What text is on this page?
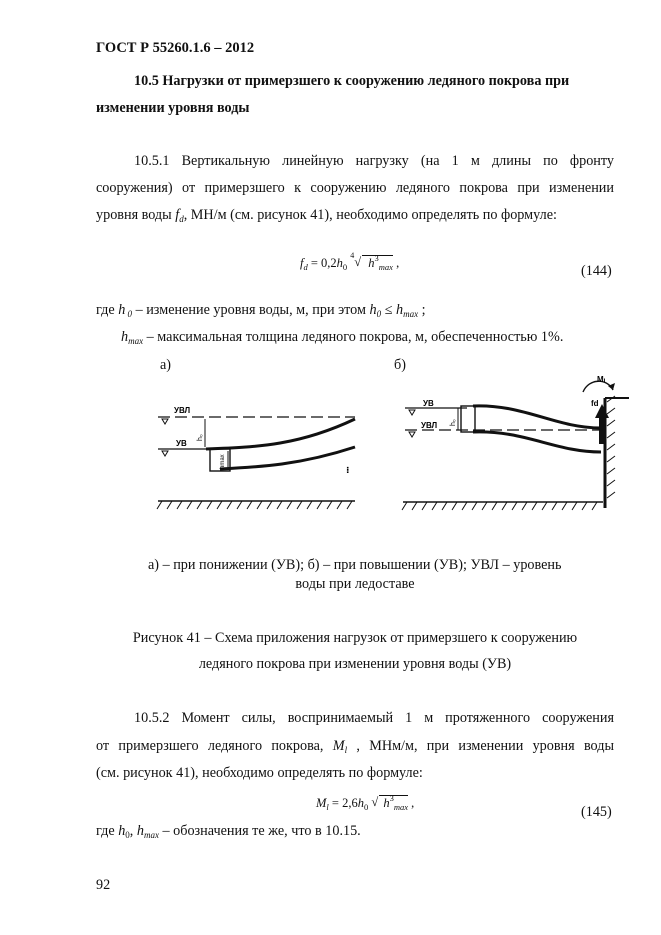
ГОСТ Р 55260.1.6 – 2012
10.5 Нагрузки от примерзшего к сооружению ледяного покрова при
изменении уровня воды
10.5.1 Вертикальную линейную нагрузку (на 1 м длины по фронту
сооружения) от примерзшего к сооружению ледяного покрова при изменении
уровня воды $f_d$, МН/м (см. рисунок 41), необходимо определять по формуле:
$f_d = 0,2h_0$
4 √ $h^3_{max}$ ,	(144)
где h $_0$ – изменение уровня воды, м, при этом $h_0 \le h_{max}$ ;
$h_{max}$ – максимальная толщина ледяного покрова, м, обеспеченностью 1%.
а)	б)
УВЛ
УВ
hmax
h₀
⁝
Mₗ
fd
УВ
УВЛ h₀
а) – при понижении (УВ); б) – при повышении (УВ); УВЛ – уровень
воды при ледоставе
Рисунок 41 – Схема приложения нагрузок от примерзшего к сооружению
ледяного покрова при изменении уровня воды (УВ)
10.5.2 Момент силы, воспринимаемый 1 м протяженного сооружения
от примерзшего ледяного покрова, $M_l$ , МНм/м, при изменении уровня воды
(см. рисунок 41), необходимо определять по формуле:
$M_l = 2,6h_0$ √ $h^3_{max}$ ,
(145)
где $h_0$, $h_{max}$ – обозначения те же, что в 10.15.
92
